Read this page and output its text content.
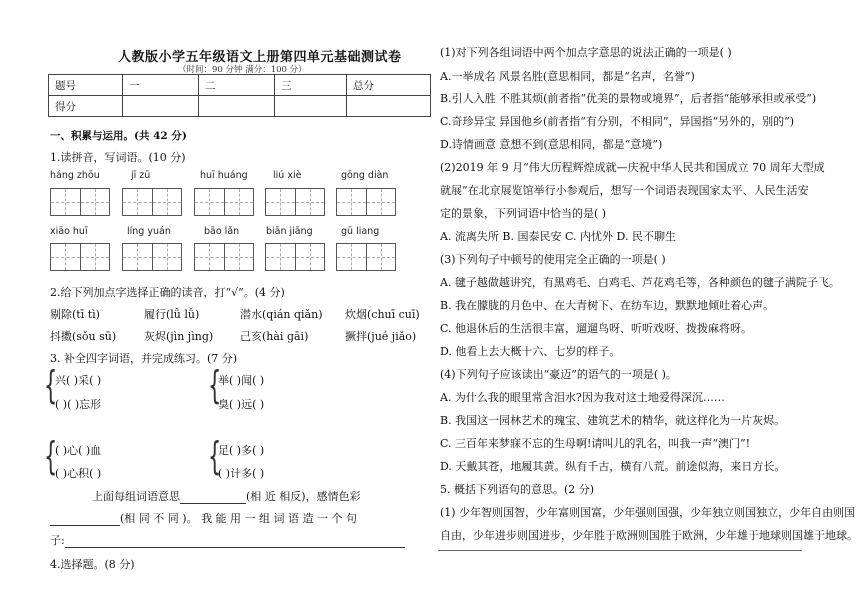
人教版小学五年级语文上册第四单元基础测试卷
（时间：90 分钟 满分：100 分）
题号	一	二	三	总分
得分				
一、积累与运用。(共 42 分)
1.读拼音，写词语。(10 分)
háng zhōu	jī zū	huī huáng	liú xiè	gōng diàn
xiāo huī	líng yuán	bāo lǎn	biān jiāng	gū liang
2.给下列加点字选择正确的读音，打“√”。(4 分)
剔除(tī tì)	履行(lǚ lǚ)	潜水(qián qiǎn) 炊烟(chuī cuī)
抖擞(sǒu sū)	灰烬(jìn jìng) 己亥(hài gāi)	撅拌(jué jiǎo)
3. 补全四字词语，并完成练习。(7 分)
{
兴( )采( )
( )( )忘形	{
举( )闻( )
臭( )远( )
{
( )心( )血
( )心积( )	{
足( )多( )
( )计多( )
上面每组词语意思	(相 近 相反)，感情色彩
(相 同 不 同 )。 我 能 用 一 组 词 语 造 一 个 句
子:
4.选择题。(8 分)
(1)对下列各组词语中两个加点字意思的说法正确的一项是( )
A.一举成名 风景名胜(意思相同，都是“名声，名誉”)
B.引人入胜 不胜其烦(前者指“优美的景物或境界”，后者指“能够承担或承受”)
C.奇珍异宝 异国他乡(前者指“有分别，不相同”，异国指“另外的，别的”)
D.诗情画意 意想不到(意思相同，都是“意境”)
(2)2019 年 9 月“伟大历程辉煌成就—庆祝中华人民共和国成立 70 周年大型成
就展”在北京展览馆举行小参观后，想写一个词语表现国家太平、人民生活安
定的景象，下列词语中恰当的是( )
A. 流离失所 B. 国泰民安 C. 内忧外 D. 民不聊生
(3)下列句子中顿号的使用完全正确的一项是( )
A. 毽子越做越讲究，有黑鸡毛、白鸡毛、芦花鸡毛等，各种颜色的毽子满院子飞。
B. 我在朦胧的月色中、在大青树下、在纺车边，默默地倾吐着心声。
C. 他退休后的生活很丰富，遛遛鸟呀、听听戏呀、拨拨麻将呀。
D. 他看上去大概十六、七岁的样子。
(4)下列句子应该读出“豪迈”的语气的一项是( )。
A. 为什么我的眼里常含泪水?因为我对这土地爱得深沉……
B. 我国这一园林艺术的瑰宝、建筑艺术的精华，就这样化为一片灰烬。
C. 三百年来梦寐不忘的生母啊!请叫儿的乳名，叫我一声“澳门”!
D. 天戴其苍，地履其黄。纵有千古，横有八荒。前途似海，来日方长。
5. 概括下列语句的意思。(2 分)
(1) 少年智则国智，少年富则国富，少年强则国强，少年独立则国独立，少年自由则国
自由，少年进步则国进步，少年胜于欧洲则国胜于欧洲，少年雄于地球则国雄于地球。
